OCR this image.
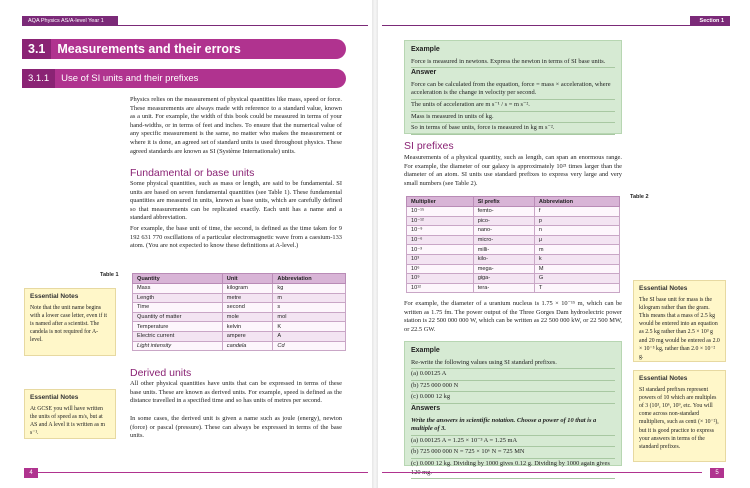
AQA Physics AS/A-level Year 1
3.1 Measurements and their errors
3.1.1 Use of SI units and their prefixes

Physics relies on the measurement of physical quantities like mass, speed or force. These measurements are always made with reference to a standard value, known as a unit. For example, the width of this book could be measured in terms of your hand-widths, or in terms of feet and inches. To ensure that the numerical value of any specific measurement is the same, no matter who makes the measurement or where it is done, an agreed set of standard units is used throughout physics. These agreed standards are known as SI (Système Internationale) units.

Fundamental or base units

Some physical quantities, such as mass or length, are said to be fundamental. SI units are based on seven fundamental quantities (see Table 1). These fundamental quantities are measured in units, known as base units, which are carefully defined so that measurements can be replicated exactly. Each unit has a name and a standard abbreviation.

For example, the base unit of time, the second, is defined as the time taken for 9 192 631 770 oscillations of a particular electromagnetic wave from a caesium-133 atom. (You are not expected to know these definitions at A-level.)

Table 1
Quantity	Unit	Abbreviation
Mass	kilogram	kg
Length	metre	m
Time	second	s
Quantity of matter	mole	mol
Temperature	kelvin	K
Electric current	ampere	A
Light intensity	candela	Cd
Derived units

All other physical quantities have units that can be expressed in terms of these base units. These are known as derived units. For example, speed is defined as the distance travelled in a specified time and so has units of metres per second.

In some cases, the derived unit is given a name such as joule (energy), newton (force) or pascal (pressure). These can always be expressed in terms of the base units.

Essential Notes
Note that the unit name begins with a lower case letter, even if it is named after a scientist. The candela is not required for A-level.
Essential Notes
At GCSE you will have written the units of speed as m/s, but at AS and A level it is written as m s⁻¹.
4
Section 1
Example
Force is measured in newtons. Express the newton in terms of SI base units.
Answer
Force can be calculated from the equation, force = mass × acceleration, where acceleration is the change in velocity per second.
The units of acceleration are m s⁻¹ / s = m s⁻².
Mass is measured in units of kg.
So in terms of base units, force is measured in kg m s⁻².
SI prefixes

Measurements of a physical quantity, such as length, can span an enormous range. For example, the diameter of our galaxy is approximately 10²¹ times larger than the diameter of an atom. SI units use standard prefixes to express very large and very small numbers (see Table 2).

Table 2
Multiplier	SI prefix	Abbreviation
10⁻¹⁵	femto-	f
10⁻¹²	pico-	p
10⁻⁹	nano-	n
10⁻⁶	micro-	μ
10⁻³	milli-	m
10³	kilo-	k
10⁶	mega-	M
10⁹	giga-	G
10¹²	tera-	T

For example, the diameter of a uranium nucleus is 1.75 × 10⁻¹⁵ m, which can be written as 1.75 fm. The power output of the Three Gorges Dam hydroelectric power station is 22 500 000 000 W, which can be written as 22 500 000 kW, or 22 500 MW, or 22.5 GW.

Example
Re-write the following values using SI standard prefixes.
(a) 0.00125 A
(b) 725 000 000 N
(c) 0.000 12 kg
Answers
Write the answers in scientific notation. Choose a power of 10 that is a multiple of 3.
(a) 0.00125 A = 1.25 × 10⁻³ A = 1.25 mA
(b) 725 000 000 N = 725 × 10⁶ N = 725 MN
(c) 0.000 12 kg. Dividing by 1000 gives 0.12 g. Dividing by 1000 again gives
Essential Notes
The SI base unit for mass is the kilogram rather than the gram. This means that a mass of 2.5 kg would be entered into an equation as 2.5 kg rather than 2.5 × 10³ g and 20 mg would be entered as 2.0 × 10⁻⁵ kg, rather than 2.0 × 10⁻² g.
Essential Notes
SI standard prefixes represent powers of 10 which are multiples of 3 (10³, 10⁶, 10⁹, etc. You will come across non-standard multipliers, such as centi (× 10⁻²), but it is good practice to express your answers in terms of the standard prefixes.
5
